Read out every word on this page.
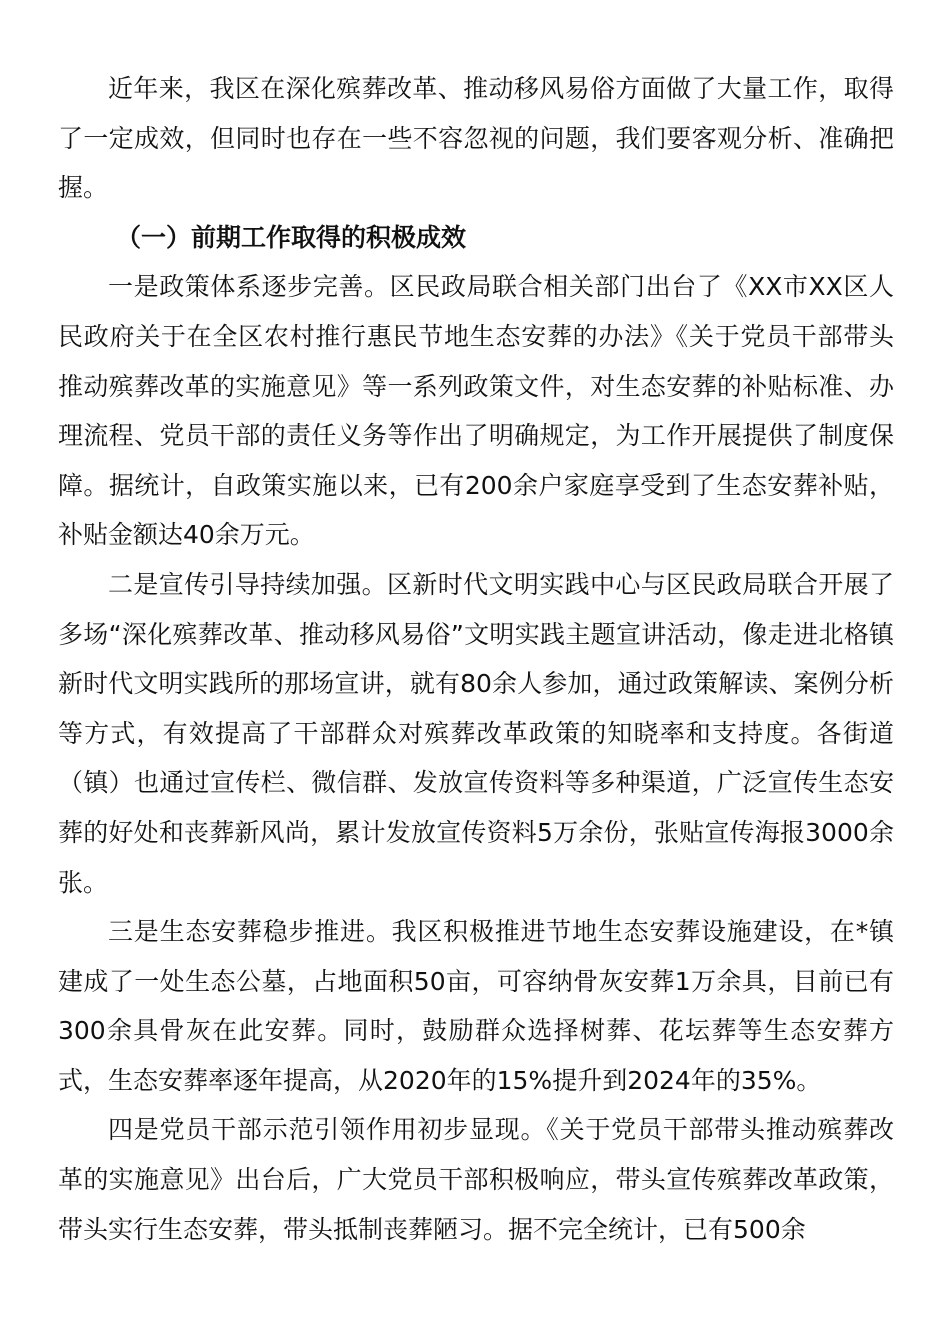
近年来，我区在深化殡葬改革、推动移风易俗方面做了大量工作，取得了一定成效，但同时也存在一些不容忽视的问题，我们要客观分析、准确把握。

（一）前期工作取得的积极成效

一是政策体系逐步完善。区民政局联合相关部门出台了《XX市XX区人民政府关于在全区农村推行惠民节地生态安葬的办法》《关于党员干部带头推动殡葬改革的实施意见》等一系列政策文件，对生态安葬的补贴标准、办理流程、党员干部的责任义务等作出了明确规定，为工作开展提供了制度保障。据统计，自政策实施以来，已有200余户家庭享受到了生态安葬补贴，补贴金额达40余万元。

二是宣传引导持续加强。区新时代文明实践中心与区民政局联合开展了多场“深化殡葬改革、推动移风易俗”文明实践主题宣讲活动，像走进北格镇新时代文明实践所的那场宣讲，就有80余人参加，通过政策解读、案例分析等方式，有效提高了干部群众对殡葬改革政策的知晓率和支持度。各街道（镇）也通过宣传栏、微信群、发放宣传资料等多种渠道，广泛宣传生态安葬的好处和丧葬新风尚，累计发放宣传资料5万余份，张贴宣传海报3000余张。

三是生态安葬稳步推进。我区积极推进节地生态安葬设施建设，在*镇建成了一处生态公墓，占地面积50亩，可容纳骨灰安葬1万余具，目前已有300余具骨灰在此安葬。同时，鼓励群众选择树葬、花坛葬等生态安葬方式，生态安葬率逐年提高，从2020年的15%提升到2024年的35%。

四是党员干部示范引领作用初步显现。《关于党员干部带头推动殡葬改革的实施意见》出台后，广大党员干部积极响应，带头宣传殡葬改革政策，带头实行生态安葬，带头抵制丧葬陋习。据不完全统计，已有500余
